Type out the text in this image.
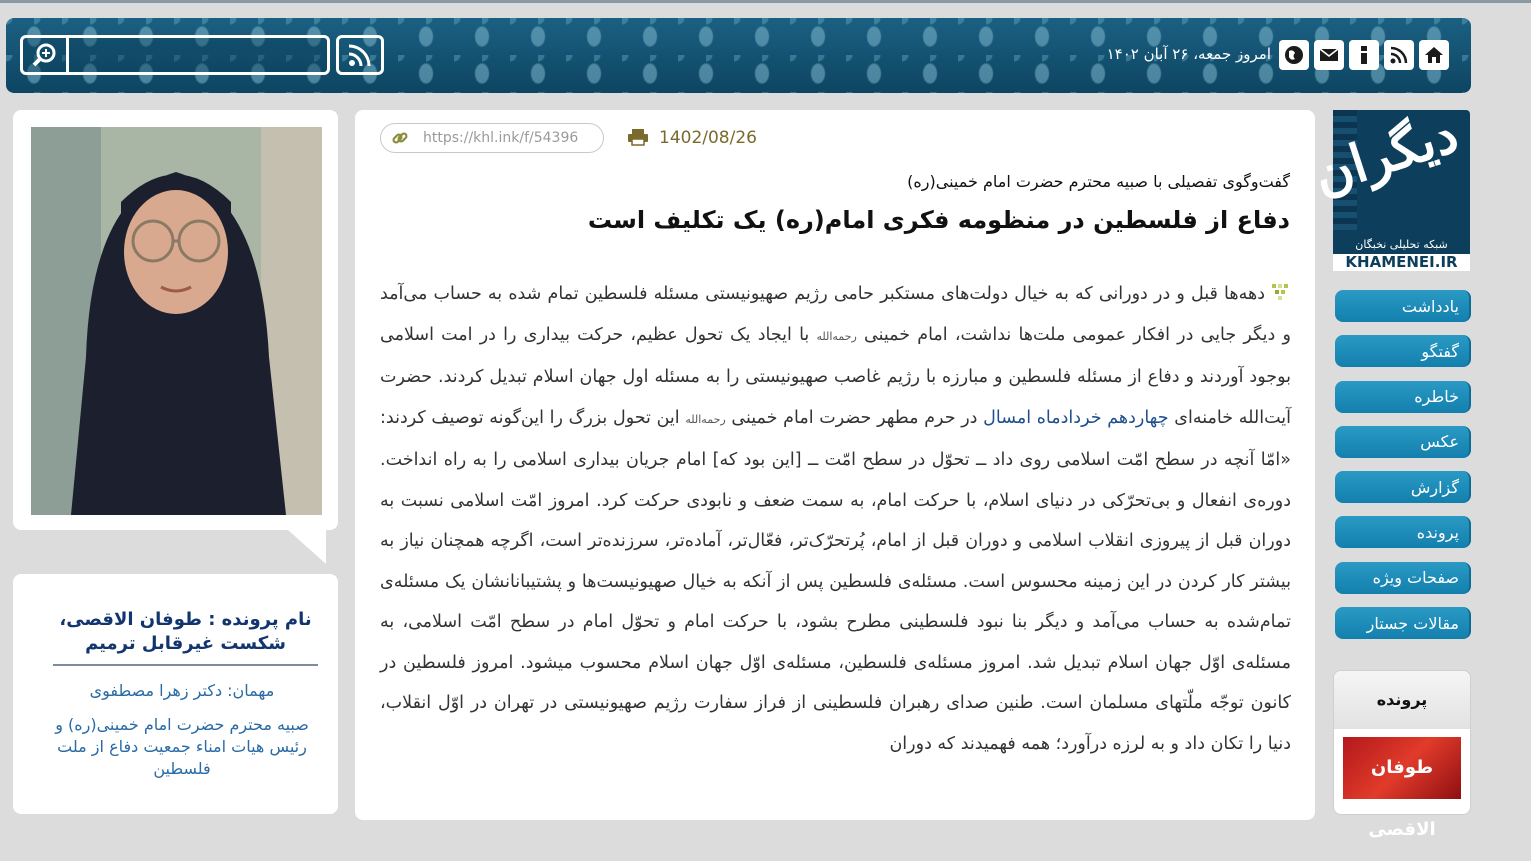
امروز جمعه، ۲۶ آبان ۱۴۰۲
نام پرونده : طوفان الاقصی، شکست غیرقابل ترمیم
مهمان: دکتر زهرا مصطفوی
صبیه محترم حضرت امام خمینی(ره) و رئیس هیات امناء جمعیت دفاع از ملت فلسطین
https://khl.ink/f/54396	1402/08/26
گفت‌وگوی تفصیلی با صبیه محترم حضرت امام خمینی(ره)
دفاع از فلسطین در منظومه فکری امام(ره) یک تکلیف است
دهه‌ها قبل و در دورانی که به خیال دولت‌های مستکبر حامی رژیم صهیونیستی مسئله فلسطین تمام شده به حساب می‌آمد و دیگر جایی در افکار عمومی ملت‌ها نداشت، امام خمینی رحمه‌الله با ایجاد یک تحول عظیم، حرکت بیداری را در امت اسلامی بوجود آوردند و دفاع از مسئله فلسطین و مبارزه با رژیم غاصب صهیونیستی را به مسئله اول جهان اسلام تبدیل کردند. حضرت آیت‌الله خامنه‌ای چهاردهم خردادماه امسال در حرم مطهر حضرت امام خمینی رحمه‌الله این تحول بزرگ را این‌گونه توصیف کردند: «امّا آنچه در سطح امّت اسلامی روی داد ــ تحوّل در سطح امّت ــ [این بود که] امام جریان بیداری اسلامی را به راه انداخت. دوره‌ی انفعال و بی‌تحرّکی در دنیای اسلام، با حرکت امام، به سمت ضعف و نابودی حرکت کرد. امروز امّت اسلامی نسبت به دوران قبل از پیروزی انقلاب اسلامی و دوران قبل از امام، پُرتحرّک‌تر، فعّال‌تر، آماده‌تر، سرزنده‌تر است، اگرچه همچنان نیاز به بیشتر کار کردن در این زمینه محسوس است. مسئله‌ی فلسطین پس از آنکه به خیال صهیونیست‌ها و پشتیبانانشان یک مسئله‌ی تمام‌شده به حساب می‌آمد و دیگر بنا نبود فلسطینی مطرح بشود، با حرکت امام و تحوّل امام در سطح امّت اسلامی، به مسئله‌ی اوّل جهان اسلام تبدیل شد. امروز مسئله‌ی فلسطین، مسئله‌ی اوّل جهان اسلام محسوب میشود. امروز فلسطین در کانون توجّه ملّتهای مسلمان است. طنین صدای رهبران فلسطینی از فراز سفارت رژیم صهیونیستی در تهران در اوّل انقلاب، دنیا را تکان داد و به لرزه درآورد؛ همه فهمیدند که دوران
دیگران
شبکه تحلیلی نخبگان
KHAMENEI.IR
یادداشت
گفتگو
خاطره
عکس
گزارش
پرونده
صفحات ویژه
مقالات جستار
پرونده
طوفان الاقصی
